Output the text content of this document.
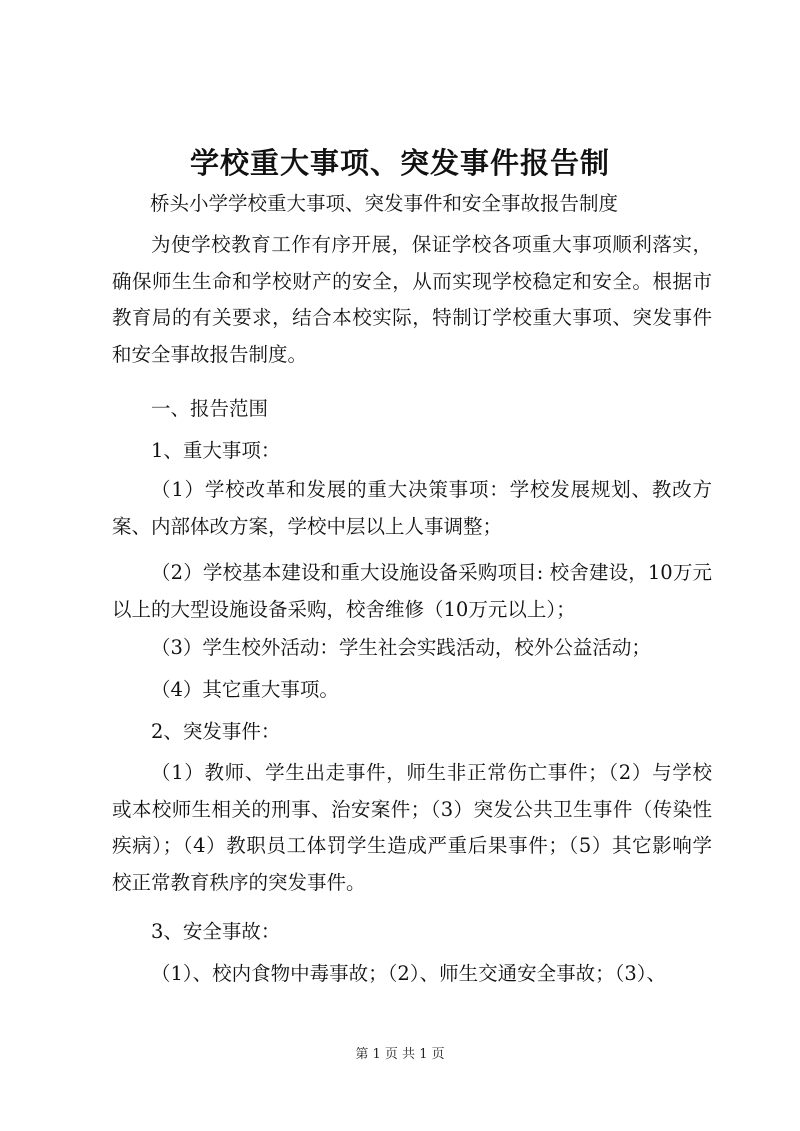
学校重大事项、突发事件报告制

桥头小学学校重大事项、突发事件和安全事故报告制度

为使学校教育工作有序开展，保证学校各项重大事项顺利落实，确保师生生命和学校财产的安全，从而实现学校稳定和安全。根据市教育局的有关要求，结合本校实际，特制订学校重大事项、突发事件和安全事故报告制度。

一、报告范围

1、重大事项：

（1）学校改革和发展的重大决策事项：学校发展规划、教改方案、内部体改方案，学校中层以上人事调整；

（2）学校基本建设和重大设施设备采购项目: 校舍建设，10万元以上的大型设施设备采购，校舍维修（10万元以上）；

（3）学生校外活动：学生社会实践活动，校外公益活动；

（4）其它重大事项。

2、突发事件：

（1）教师、学生出走事件，师生非正常伤亡事件；（2）与学校或本校师生相关的刑事、治安案件；（3）突发公共卫生事件（传染性疾病）；（4）教职员工体罚学生造成严重后果事件；（5）其它影响学校正常教育秩序的突发事件。

3、安全事故：

（1）、校内食物中毒事故；（2）、师生交通安全事故；（3）、

第 1 页 共 1 页
